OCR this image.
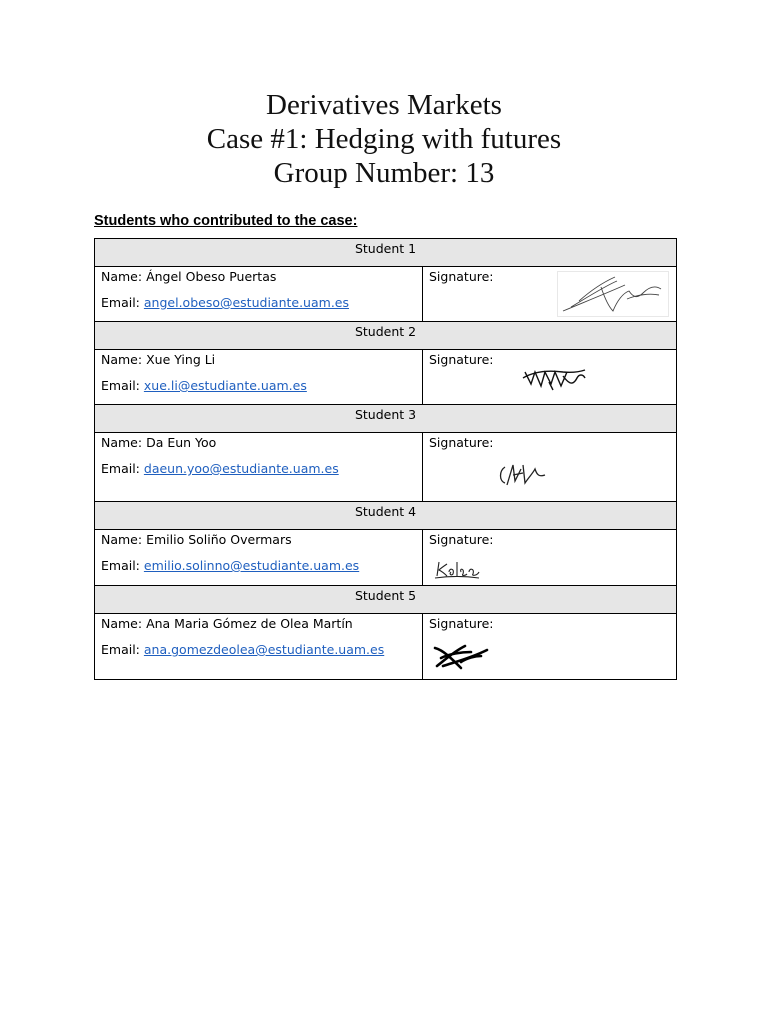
Derivatives Markets
Case #1: Hedging with futures
Group Number: 13
Students who contributed to the case:
Student 1	

Name: Ángel Obeso Puertas
Email: angel.obeso@estudiante.uam.es	Signature:

Student 2	

Name: Xue Ying Li
Email: xue.li@estudiante.uam.es	Signature:

Student 3	

Name: Da Eun Yoo
Email: daeun.yoo@estudiante.uam.es	Signature:

Student 4	

Name: Emilio Soliño Overmars
Email: emilio.solinno@estudiante.uam.es	Signature:

Student 5	

Name: Ana Maria Gómez de Olea Martín
Email: ana.gomezdeolea@estudiante.uam.es	Signature:
